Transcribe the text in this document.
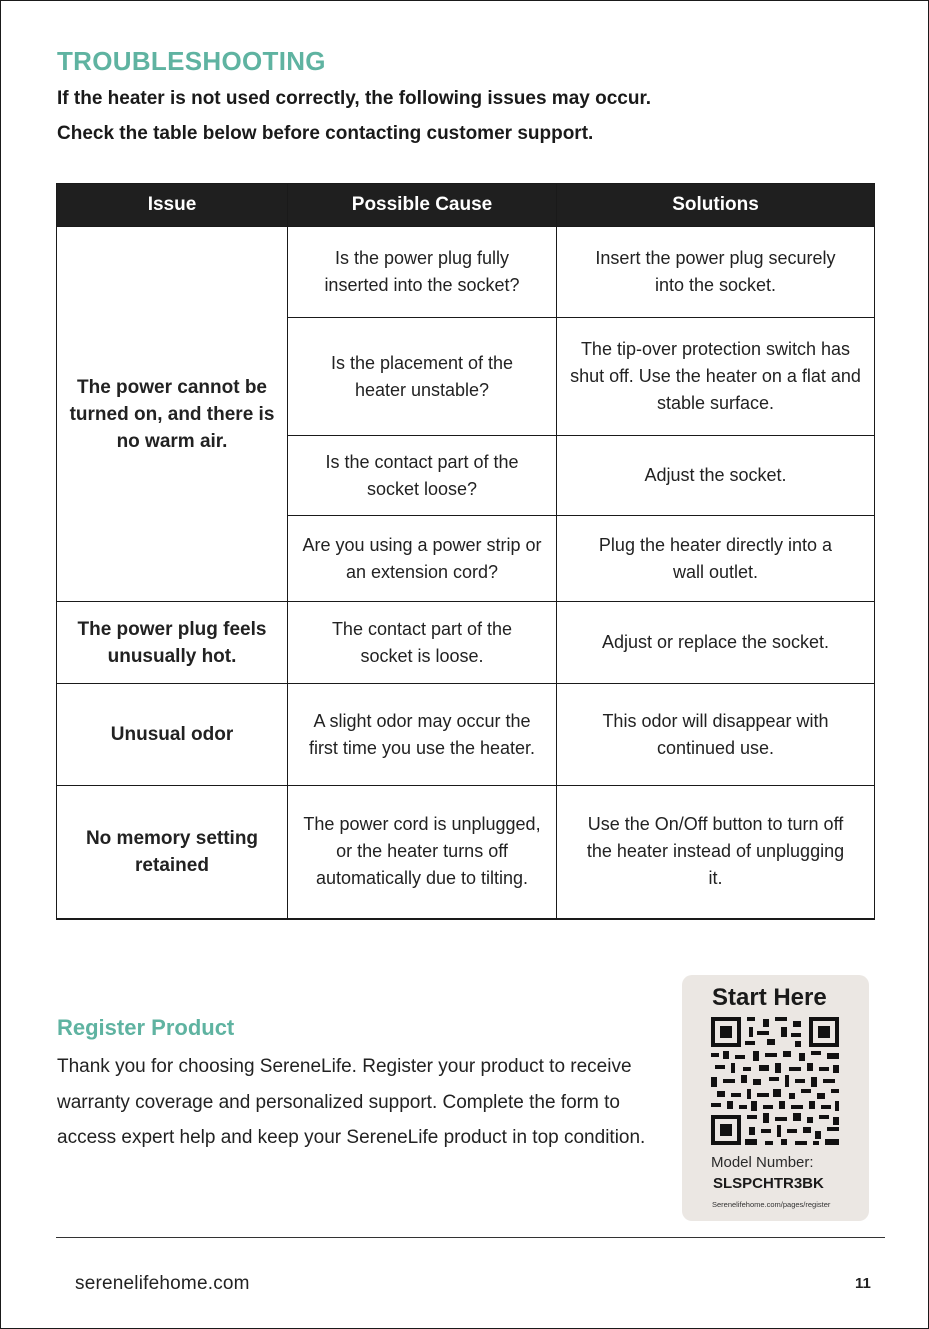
TROUBLESHOOTING

If the heater is not used correctly, the following issues may occur.

Check the table below before contacting customer support.

Issue	Possible Cause	Solutions
The power cannot be turned on, and there is no warm air.	Is the power plug fully inserted into the socket?	Insert the power plug securely into the socket.
	Is the placement of the heater unstable?	The tip-over protection switch has shut off. Use the heater on a flat and stable surface.
	Is the contact part of the socket loose?	Adjust the socket.
	Are you using a power strip or an extension cord?	Plug the heater directly into a wall outlet.
The power plug feels unusually hot.	The contact part of the socket is loose.	Adjust or replace the socket.
Unusual odor	A slight odor may occur the first time you use the heater.	This odor will disappear with continued use.
No memory setting retained	The power cord is unplugged, or the heater turns off automatically due to tilting.	Use the On/Off button to turn off the heater instead of unplugging it.
Register Product

Thank you for choosing SereneLife. Register your product to receive warranty coverage and personalized support. Complete the form to access expert help and keep your SereneLife product in top condition.

Start Here
Model Number:
SLSPCHTR3BK
Serenelifehome.com/pages/register
serenelifehome.com	11
